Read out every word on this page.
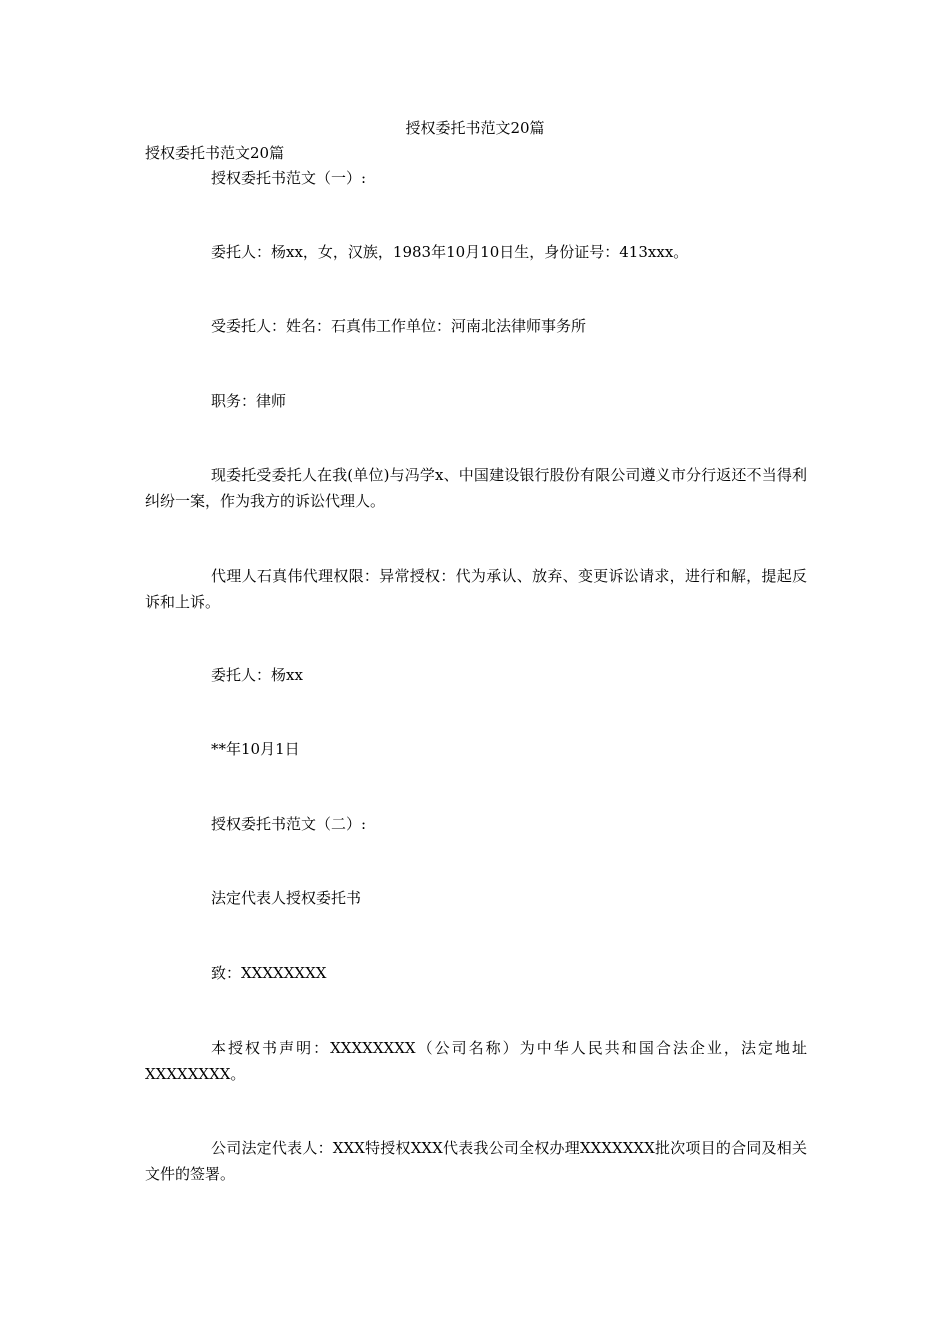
授权委托书范文20篇
授权委托书范文20篇
授权委托书范文（一）:
委托人：杨xx，女，汉族，1983年10月10日生，身份证号：413xxx。
受委托人：姓名：石真伟工作单位：河南北法律师事务所
职务：律师
现委托受委托人在我(单位)与冯学x、中国建设银行股份有限公司遵义市分行返还不当得利纠纷一案，作为我方的诉讼代理人。
代理人石真伟代理权限：异常授权：代为承认、放弃、变更诉讼请求，进行和解，提起反诉和上诉。
委托人：杨xx
**年10月1日
授权委托书范文（二）:
法定代表人授权委托书
致：XXXXXXXX
本授权书声明：XXXXXXXX（公司名称）为中华人民共和国合法企业，法定地址XXXXXXXX。
公司法定代表人：XXX特授权XXX代表我公司全权办理XXXXXXX批次项目的合同及相关文件的签署。
